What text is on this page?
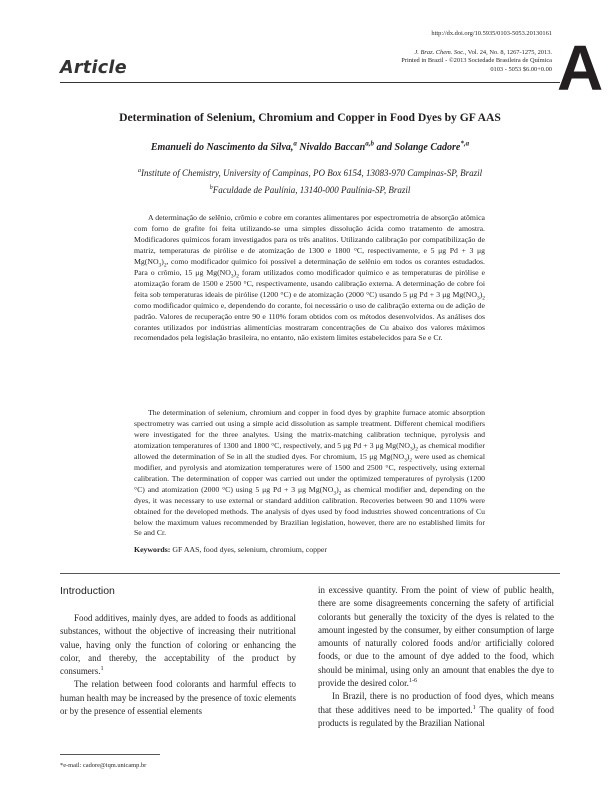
http://dx.doi.org/10.5935/0103-5053.20130161
J. Braz. Chem. Soc., Vol. 24, No. 8, 1267-1275, 2013.
Printed in Brazil - ©2013 Sociedade Brasileira de Química
0103 - 5053 $6.00+0.00
Article	A
Determination of Selenium, Chromium and Copper in Food Dyes by GF AAS
Emanueli do Nascimento da Silva,$^a$ Nivaldo Baccan$^{a,b}$ and Solange Cadore$^{*,a}$
$^a$Institute of Chemistry, University of Campinas, PO Box 6154, 13083-970 Campinas-SP, Brazil
$^b$Faculdade de Paulínia, 13140-000 Paulínia-SP, Brazil

A determinação de selênio, crômio e cobre em corantes alimentares por espectrometria de absorção atômica com forno de grafite foi feita utilizando-se uma simples dissolução ácida como tratamento de amostra. Modificadores químicos foram investigados para os três analitos. Utilizando calibração por compatibilização de matriz, temperaturas de pirólise e de atomização de 1300 e 1800 °C, respectivamente, e 5 μg Pd + 3 μg $Mg(NO_3)_2$, como modificador químico foi possível a determinação de selênio em todos os corantes estudados. Para o crômio, 15 μg $Mg(NO_3)_2$ foram utilizados como modificador químico e as temperaturas de pirólise e atomização foram de 1500 e 2500 °C, respectivamente, usando calibração externa. A determinação de cobre foi feita sob temperaturas ideais de pirólise (1200 °C) e de atomização (2000 °C) usando 5 μg Pd + 3 μg $Mg(NO_3)_2$ como modificador químico e, dependendo do corante, foi necessário o uso de calibração externa ou de adição de padrão. Valores de recuperação entre 90 e 110% foram obtidos com os métodos desenvolvidos. As análises dos corantes utilizados por indústrias alimentícias mostraram concentrações de Cu abaixo dos valores máximos recomendados pela legislação brasileira, no entanto, não existem limites estabelecidos para Se e Cr.

The determination of selenium, chromium and copper in food dyes by graphite furnace atomic absorption spectrometry was carried out using a simple acid dissolution as sample treatment. Different chemical modifiers were investigated for the three analytes. Using the matrix-matching calibration technique, pyrolysis and atomization temperatures of 1300 and 1800 °C, respectively, and 5 μg Pd + 3 μg $Mg(NO_3)_2$ as chemical modifier allowed the determination of Se in all the studied dyes. For chromium, 15 μg $Mg(NO_3)_2$ were used as chemical modifier, and pyrolysis and atomization temperatures were of 1500 and 2500 °C, respectively, using external calibration. The determination of copper was carried out under the optimized temperatures of pyrolysis (1200 °C) and atomization (2000 °C) using 5 μg Pd + 3 μg $Mg(NO_3)_2$ as chemical modifier and, depending on the dyes, it was necessary to use external or standard addition calibration. Recoveries between 90 and 110% were obtained for the developed methods. The analysis of dyes used by food industries showed concentrations of Cu below the maximum values recommended by Brazilian legislation, however, there are no established limits for Se and Cr.

Keywords: GF AAS, food dyes, selenium, chromium, copper
Introduction

Food additives, mainly dyes, are added to foods as additional substances, without the objective of increasing their nutritional value, having only the function of coloring or enhancing the color, and thereby, the acceptability of the product by consumers.$^1$

The relation between food colorants and harmful effects to human health may be increased by the presence of toxic elements or by the presence of essential elements

in excessive quantity. From the point of view of public health, there are some disagreements concerning the safety of artificial colorants but generally the toxicity of the dyes is related to the amount ingested by the consumer, by either consumption of large amounts of naturally colored foods and/or artificially colored foods, or due to the amount of dye added to the food, which should be minimal, using only an amount that enables the dye to provide the desired color.$^{1-6}$

In Brazil, there is no production of food dyes, which means that these additives need to be imported.$^1$ The quality of food products is regulated by the Brazilian National

*e-mail: cadore@iqm.unicamp.br
